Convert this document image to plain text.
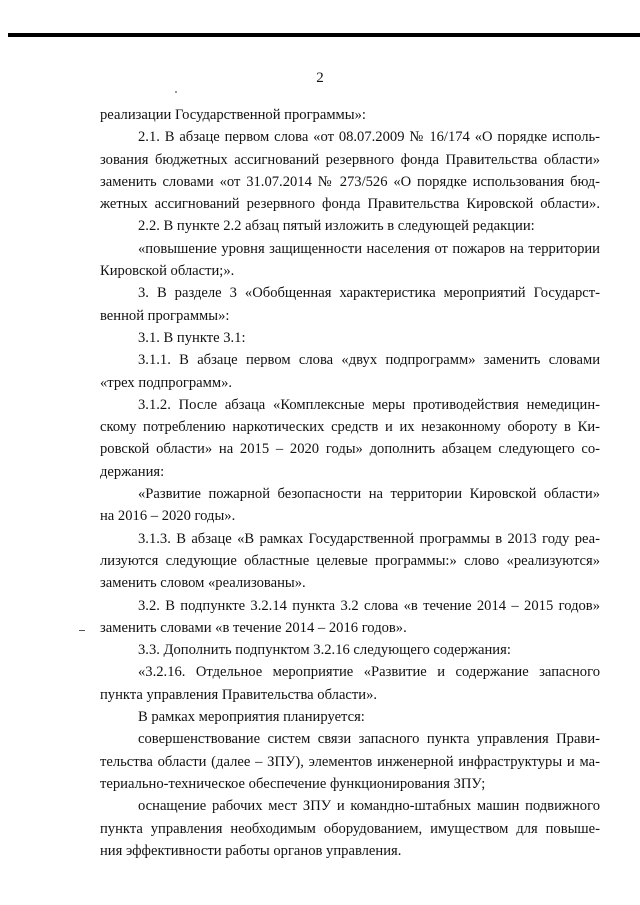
2
реализации Государственной программы»:
2.1. В абзаце первом слова «от 08.07.2009 № 16/174 «О порядке исполь-
зования бюджетных ассигнований резервного фонда Правительства области»
заменить словами «от 31.07.2014 № 273/526 «О порядке использования бюд-
жетных ассигнований резервного фонда Правительства Кировской области».
2.2. В пункте 2.2 абзац пятый изложить в следующей редакции:
«повышение уровня защищенности населения от пожаров на территории
Кировской области;».
3. В разделе 3 «Обобщенная характеристика мероприятий Государст-
венной программы»:
3.1. В пункте 3.1:
3.1.1. В абзаце первом слова «двух подпрограмм» заменить словами
«трех подпрограмм».
3.1.2. После абзаца «Комплексные меры противодействия немедицин-
скому потреблению наркотических средств и их незаконному обороту в Ки-
ровской области» на 2015 – 2020 годы» дополнить абзацем следующего со-
держания:
«Развитие пожарной безопасности на территории Кировской области»
на 2016 – 2020 годы».
3.1.3. В абзаце «В рамках Государственной программы в 2013 году реа-
лизуются следующие областные целевые программы:» слово «реализуются»
заменить словом «реализованы».
3.2. В подпункте 3.2.14 пункта 3.2 слова «в течение 2014 – 2015 годов»
заменить словами «в течение 2014 – 2016 годов».
3.3. Дополнить подпунктом 3.2.16 следующего содержания:
«3.2.16. Отдельное мероприятие «Развитие и содержание запасного
пункта управления Правительства области».
В рамках мероприятия планируется:
совершенствование систем связи запасного пункта управления Прави-
тельства области (далее – ЗПУ), элементов инженерной инфраструктуры и ма-
териально-техническое обеспечение функционирования ЗПУ;
оснащение рабочих мест ЗПУ и командно-штабных машин подвижного
пункта управления необходимым оборудованием, имуществом для повыше-
ния эффективности работы органов управления.
